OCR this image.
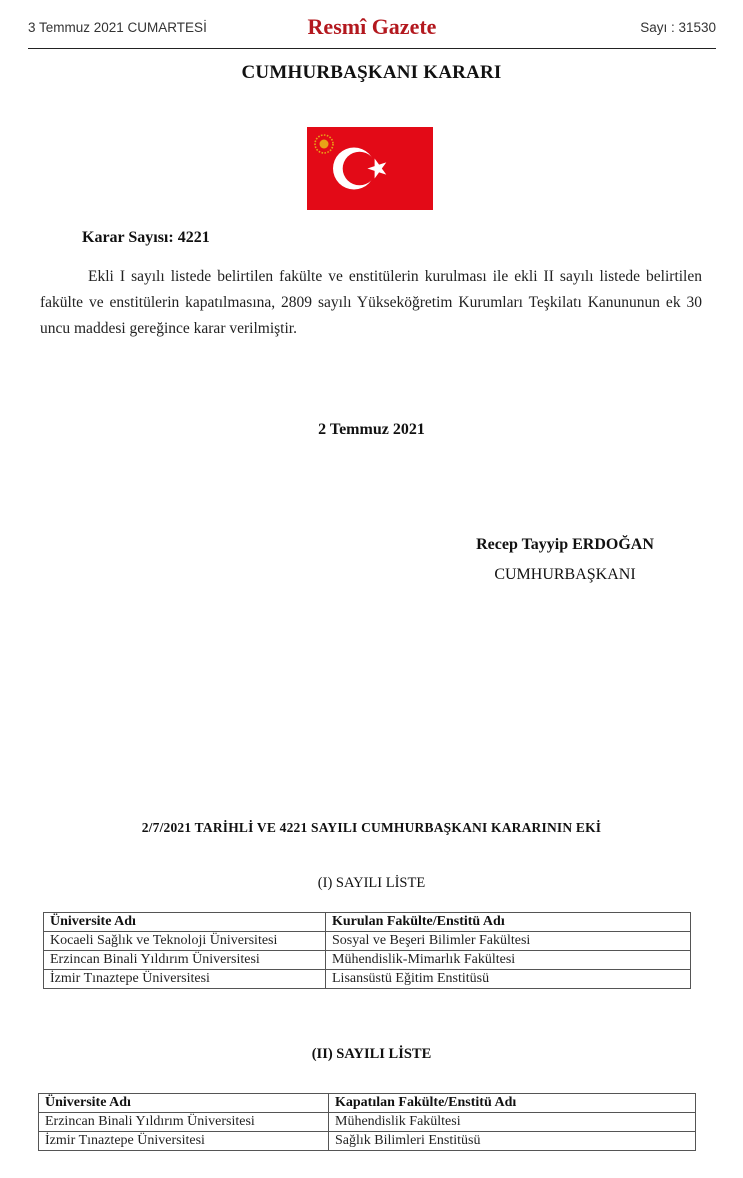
3 Temmuz 2021 CUMARTESİ	Resmî Gazete	Sayı : 31530
CUMHURBAŞKANI KARARI
Karar Sayısı: 4221
Ekli I sayılı listede belirtilen fakülte ve enstitülerin kurulması ile ekli II sayılı listede belirtilen fakülte ve enstitülerin kapatılmasına, 2809 sayılı Yükseköğretim Kurumları Teşkilatı Kanununun ek 30 uncu maddesi gereğince karar verilmiştir.
2 Temmuz 2021
Recep Tayyip ERDOĞAN
CUMHURBAŞKANI
2/7/2021 TARİHLİ VE 4221 SAYILI CUMHURBAŞKANI KARARININ EKİ
(I) SAYILI LİSTE
Üniversite Adı	Kurulan Fakülte/Enstitü Adı
Kocaeli Sağlık ve Teknoloji Üniversitesi	Sosyal ve Beşeri Bilimler Fakültesi
Erzincan Binali Yıldırım Üniversitesi	Mühendislik-Mimarlık Fakültesi
İzmir Tınaztepe Üniversitesi	Lisansüstü Eğitim Enstitüsü
(II) SAYILI LİSTE
Üniversite Adı	Kapatılan Fakülte/Enstitü Adı
Erzincan Binali Yıldırım Üniversitesi	Mühendislik Fakültesi
İzmir Tınaztepe Üniversitesi	Sağlık Bilimleri Enstitüsü
